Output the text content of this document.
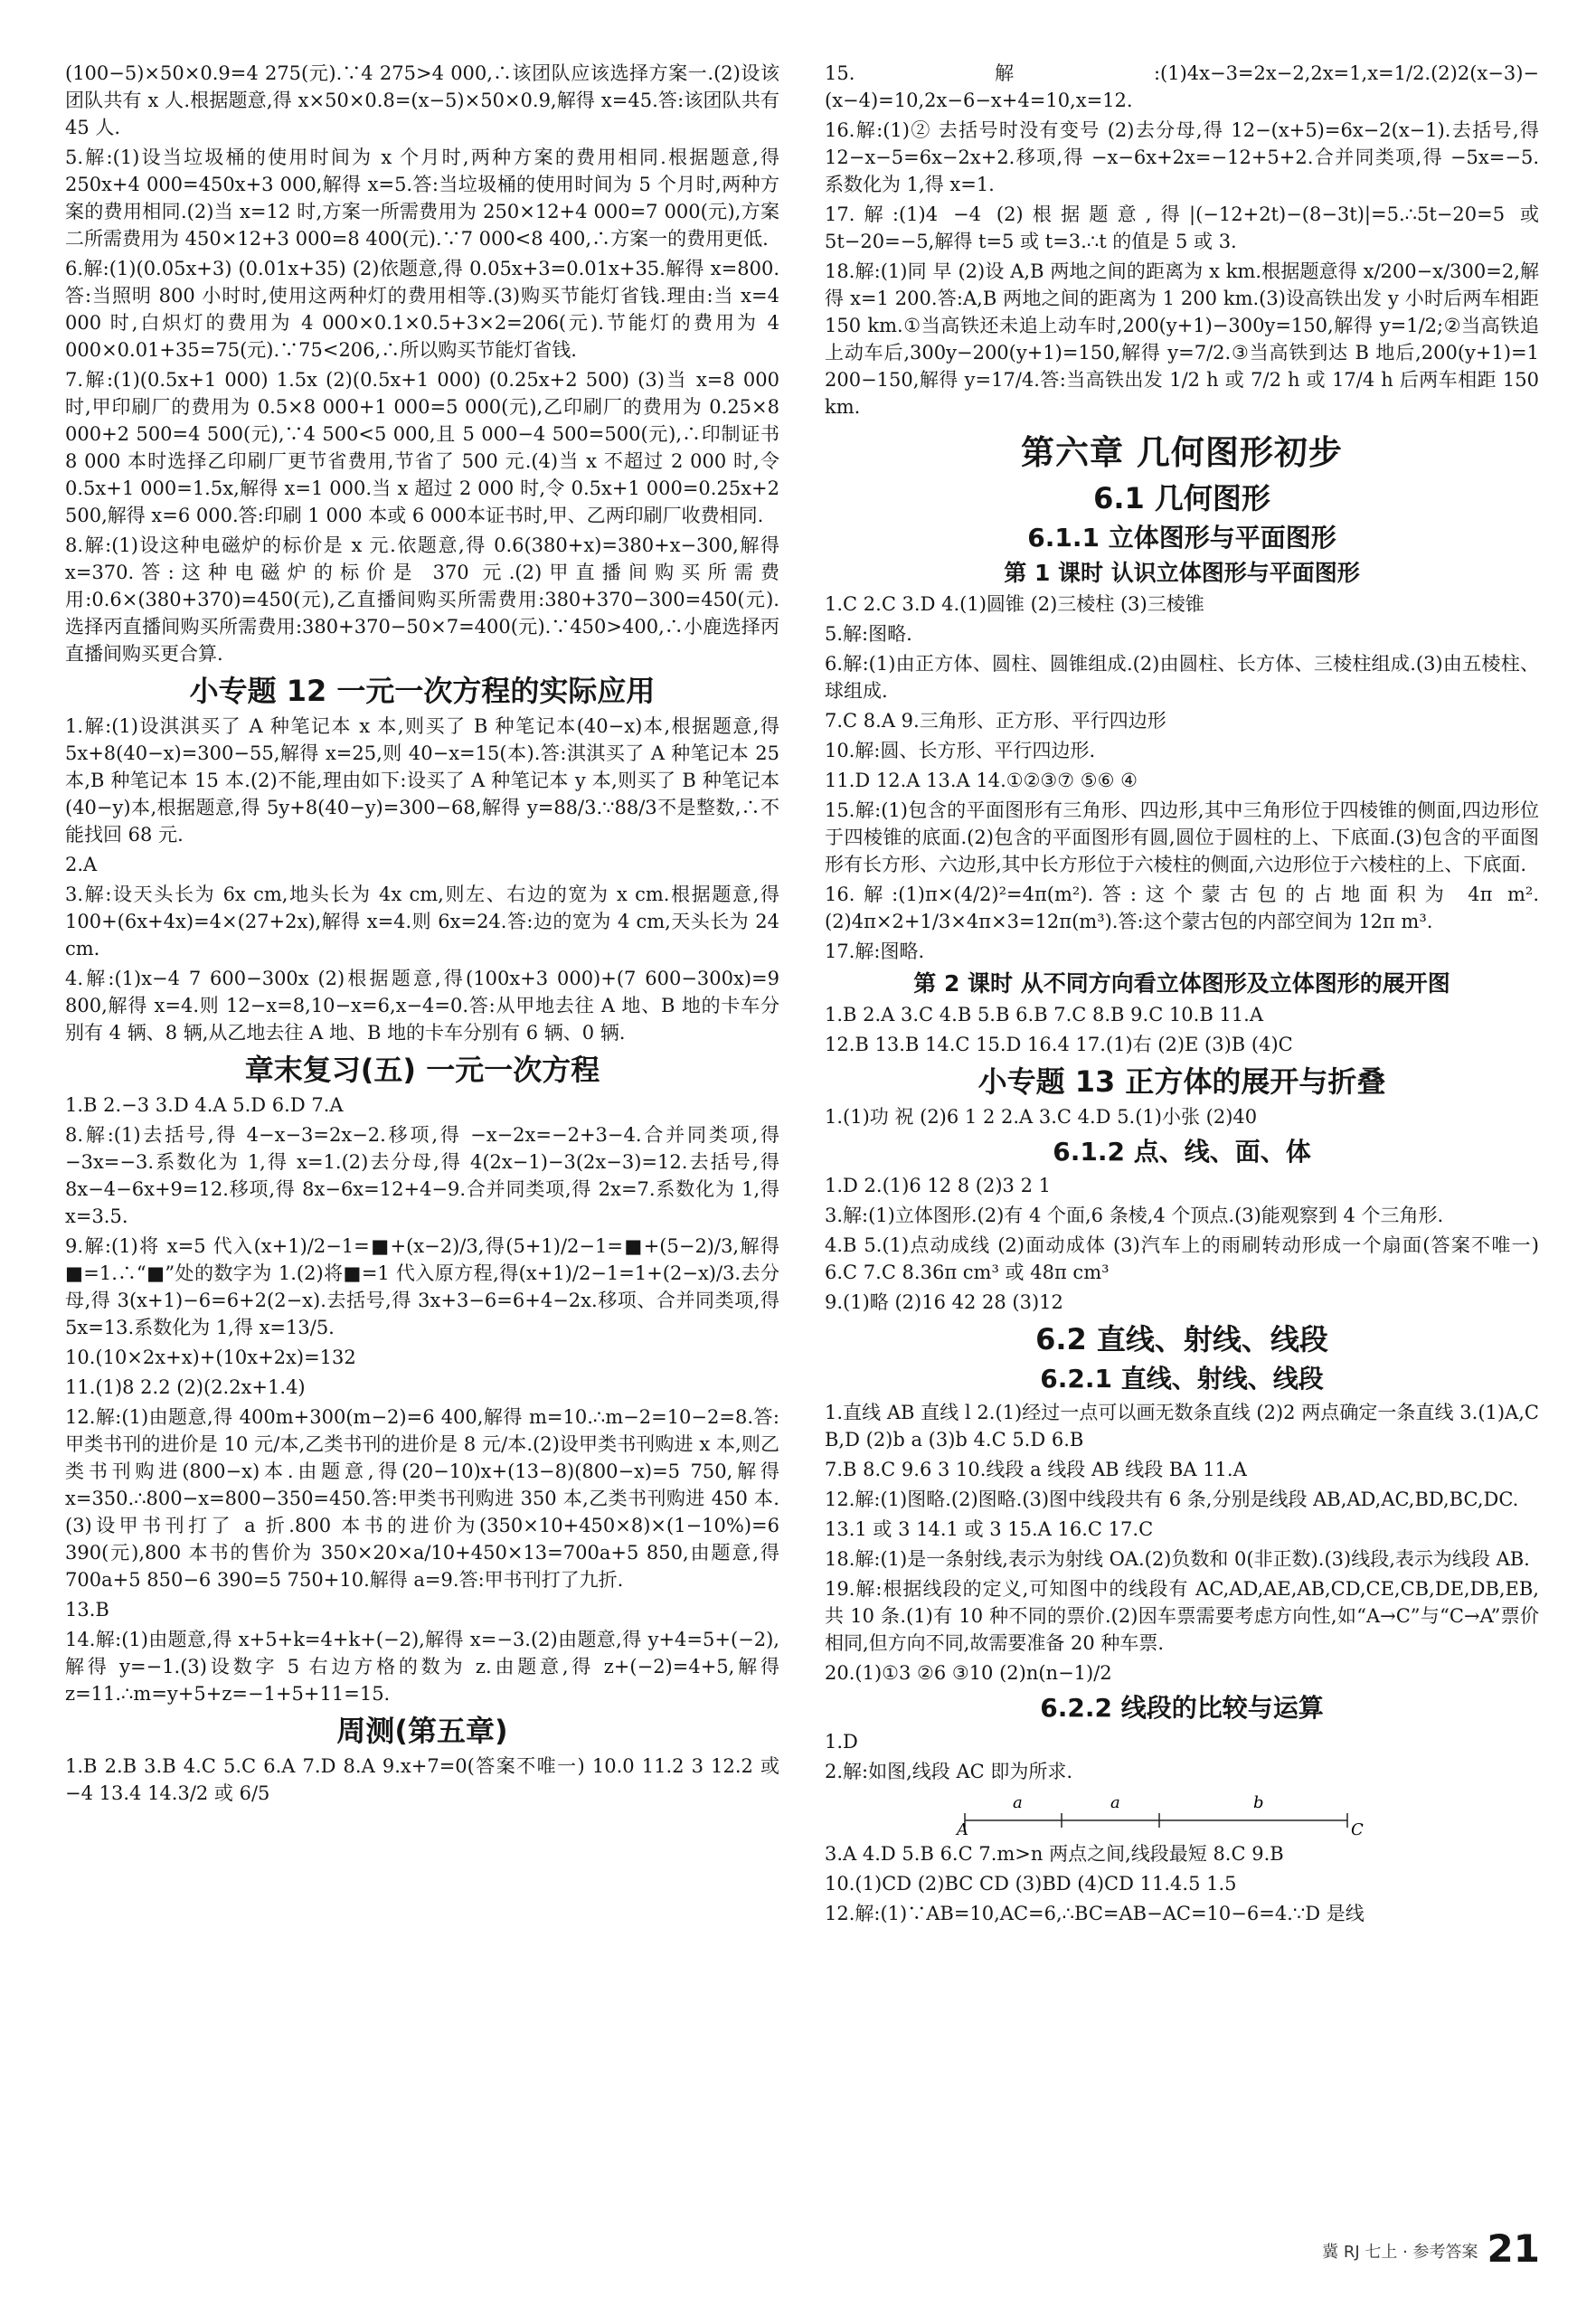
(100−5)×50×0.9=4 275(元).∵4 275>4 000,∴该团队应该选择方案一.(2)设该团队共有 x 人.根据题意,得 x×50×0.8=(x−5)×50×0.9,解得 x=45.答:该团队共有 45 人.
5.解:(1)设当垃圾桶的使用时间为 x 个月时,两种方案的费用相同.根据题意,得 250x+4 000=450x+3 000,解得 x=5.答:当垃圾桶的使用时间为 5 个月时,两种方案的费用相同.(2)当 x=12 时,方案一所需费用为 250×12+4 000=7 000(元),方案二所需费用为 450×12+3 000=8 400(元).∵7 000<8 400,∴方案一的费用更低.
6.解:(1)(0.05x+3) (0.01x+35) (2)依题意,得 0.05x+3=0.01x+35.解得 x=800.答:当照明 800 小时时,使用这两种灯的费用相等.(3)购买节能灯省钱.理由:当 x=4 000 时,白炽灯的费用为 4 000×0.1×0.5+3×2=206(元).节能灯的费用为 4 000×0.01+35=75(元).∵75<206,∴所以购买节能灯省钱.
7.解:(1)(0.5x+1 000) 1.5x (2)(0.5x+1 000) (0.25x+2 500) (3)当 x=8 000 时,甲印刷厂的费用为 0.5×8 000+1 000=5 000(元),乙印刷厂的费用为 0.25×8 000+2 500=4 500(元),∵4 500<5 000,且 5 000−4 500=500(元),∴印制证书 8 000 本时选择乙印刷厂更节省费用,节省了 500 元.(4)当 x 不超过 2 000 时,令 0.5x+1 000=1.5x,解得 x=1 000.当 x 超过 2 000 时,令 0.5x+1 000=0.25x+2 500,解得 x=6 000.答:印刷 1 000 本或 6 000本证书时,甲、乙两印刷厂收费相同.
8.解:(1)设这种电磁炉的标价是 x 元.依题意,得 0.6(380+x)=380+x−300,解得 x=370.答:这种电磁炉的标价是 370 元.(2)甲直播间购买所需费用:0.6×(380+370)=450(元),乙直播间购买所需费用:380+370−300=450(元).选择丙直播间购买所需费用:380+370−50×7=400(元).∵450>400,∴小鹿选择丙直播间购买更合算.
小专题 12 一元一次方程的实际应用
1.解:(1)设淇淇买了 A 种笔记本 x 本,则买了 B 种笔记本(40−x)本,根据题意,得 5x+8(40−x)=300−55,解得 x=25,则 40−x=15(本).答:淇淇买了 A 种笔记本 25 本,B 种笔记本 15 本.(2)不能,理由如下:设买了 A 种笔记本 y 本,则买了 B 种笔记本(40−y)本,根据题意,得 5y+8(40−y)=300−68,解得 y=88/3.∵88/3不是整数,∴不能找回 68 元.
2.A
3.解:设天头长为 6x cm,地头长为 4x cm,则左、右边的宽为 x cm.根据题意,得 100+(6x+4x)=4×(27+2x),解得 x=4.则 6x=24.答:边的宽为 4 cm,天头长为 24 cm.
4.解:(1)x−4 7 600−300x (2)根据题意,得(100x+3 000)+(7 600−300x)=9 800,解得 x=4.则 12−x=8,10−x=6,x−4=0.答:从甲地去往 A 地、B 地的卡车分别有 4 辆、8 辆,从乙地去往 A 地、B 地的卡车分别有 6 辆、0 辆.
章末复习(五) 一元一次方程
1.B 2.−3 3.D 4.A 5.D 6.D 7.A
8.解:(1)去括号,得 4−x−3=2x−2.移项,得 −x−2x=−2+3−4.合并同类项,得 −3x=−3.系数化为 1,得 x=1.(2)去分母,得 4(2x−1)−3(2x−3)=12.去括号,得 8x−4−6x+9=12.移项,得 8x−6x=12+4−9.合并同类项,得 2x=7.系数化为 1,得 x=3.5.
9.解:(1)将 x=5 代入(x+1)/2−1=■+(x−2)/3,得(5+1)/2−1=■+(5−2)/3,解得■=1.∴“■”处的数字为 1.(2)将■=1 代入原方程,得(x+1)/2−1=1+(2−x)/3.去分母,得 3(x+1)−6=6+2(2−x).去括号,得 3x+3−6=6+4−2x.移项、合并同类项,得 5x=13.系数化为 1,得 x=13/5.
10.(10×2x+x)+(10x+2x)=132
11.(1)8 2.2 (2)(2.2x+1.4)
12.解:(1)由题意,得 400m+300(m−2)=6 400,解得 m=10.∴m−2=10−2=8.答:甲类书刊的进价是 10 元/本,乙类书刊的进价是 8 元/本.(2)设甲类书刊购进 x 本,则乙类书刊购进(800−x)本.由题意,得(20−10)x+(13−8)(800−x)=5 750,解得 x=350.∴800−x=800−350=450.答:甲类书刊购进 350 本,乙类书刊购进 450 本.(3)设甲书刊打了 a 折.800 本书的进价为(350×10+450×8)×(1−10%)=6 390(元),800 本书的售价为 350×20×a/10+450×13=700a+5 850,由题意,得 700a+5 850−6 390=5 750+10.解得 a=9.答:甲书刊打了九折.
13.B
14.解:(1)由题意,得 x+5+k=4+k+(−2),解得 x=−3.(2)由题意,得 y+4=5+(−2),解得 y=−1.(3)设数字 5 右边方格的数为 z.由题意,得 z+(−2)=4+5,解得 z=11.∴m=y+5+z=−1+5+11=15.
周测(第五章)
1.B 2.B 3.B 4.C 5.C 6.A 7.D 8.A 9.x+7=0(答案不唯一) 10.0 11.2 3 12.2 或 −4 13.4 14.3/2 或 6/5
15.解:(1)4x−3=2x−2,2x=1,x=1/2.(2)2(x−3)−(x−4)=10,2x−6−x+4=10,x=12.
16.解:(1)② 去括号时没有变号 (2)去分母,得 12−(x+5)=6x−2(x−1).去括号,得 12−x−5=6x−2x+2.移项,得 −x−6x+2x=−12+5+2.合并同类项,得 −5x=−5.系数化为 1,得 x=1.
17.解:(1)4 −4 (2)根据题意,得|(−12+2t)−(8−3t)|=5.∴5t−20=5 或 5t−20=−5,解得 t=5 或 t=3.∴t 的值是 5 或 3.
18.解:(1)同 早 (2)设 A,B 两地之间的距离为 x km.根据题意得 x/200−x/300=2,解得 x=1 200.答:A,B 两地之间的距离为 1 200 km.(3)设高铁出发 y 小时后两车相距 150 km.①当高铁还未追上动车时,200(y+1)−300y=150,解得 y=1/2;②当高铁追上动车后,300y−200(y+1)=150,解得 y=7/2.③当高铁到达 B 地后,200(y+1)=1 200−150,解得 y=17/4.答:当高铁出发 1/2 h 或 7/2 h 或 17/4 h 后两车相距 150 km.
第六章 几何图形初步
6.1 几何图形
6.1.1 立体图形与平面图形
第 1 课时 认识立体图形与平面图形
1.C 2.C 3.D 4.(1)圆锥 (2)三棱柱 (3)三棱锥
5.解:图略.
6.解:(1)由正方体、圆柱、圆锥组成.(2)由圆柱、长方体、三棱柱组成.(3)由五棱柱、球组成.
7.C 8.A 9.三角形、正方形、平行四边形
10.解:圆、长方形、平行四边形.
11.D 12.A 13.A 14.①②③⑦ ⑤⑥ ④
15.解:(1)包含的平面图形有三角形、四边形,其中三角形位于四棱锥的侧面,四边形位于四棱锥的底面.(2)包含的平面图形有圆,圆位于圆柱的上、下底面.(3)包含的平面图形有长方形、六边形,其中长方形位于六棱柱的侧面,六边形位于六棱柱的上、下底面.
16.解:(1)π×(4/2)²=4π(m²).答:这个蒙古包的占地面积为 4π m².(2)4π×2+1/3×4π×3=12π(m³).答:这个蒙古包的内部空间为 12π m³.
17.解:图略.
第 2 课时 从不同方向看立体图形及立体图形的展开图
1.B 2.A 3.C 4.B 5.B 6.B 7.C 8.B 9.C 10.B 11.A
12.B 13.B 14.C 15.D 16.4 17.(1)右 (2)E (3)B (4)C
小专题 13 正方体的展开与折叠
1.(1)功 祝 (2)6 1 2 2.A 3.C 4.D 5.(1)小张 (2)40
6.1.2 点、线、面、体
1.D 2.(1)6 12 8 (2)3 2 1
3.解:(1)立体图形.(2)有 4 个面,6 条棱,4 个顶点.(3)能观察到 4 个三角形.
4.B 5.(1)点动成线 (2)面动成体 (3)汽车上的雨刷转动形成一个扇面(答案不唯一) 6.C 7.C 8.36π cm³ 或 48π cm³
9.(1)略 (2)16 42 28 (3)12
6.2 直线、射线、线段
6.2.1 直线、射线、线段
1.直线 AB 直线 l 2.(1)经过一点可以画无数条直线 (2)2 两点确定一条直线 3.(1)A,C B,D (2)b a (3)b 4.C 5.D 6.B
7.B 8.C 9.6 3 10.线段 a 线段 AB 线段 BA 11.A
12.解:(1)图略.(2)图略.(3)图中线段共有 6 条,分别是线段 AB,AD,AC,BD,BC,DC.
13.1 或 3 14.1 或 3 15.A 16.C 17.C
18.解:(1)是一条射线,表示为射线 OA.(2)负数和 0(非正数).(3)线段,表示为线段 AB.
19.解:根据线段的定义,可知图中的线段有 AC,AD,AE,AB,CD,CE,CB,DE,DB,EB,共 10 条.(1)有 10 种不同的票价.(2)因车票需要考虑方向性,如“A→C”与“C→A”票价相同,但方向不同,故需要准备 20 种车票.
20.(1)①3 ②6 ③10 (2)n(n−1)/2
6.2.2 线段的比较与运算
1.D
2.解:如图,线段 AC 即为所求.
a	a	b
A	C
3.A 4.D 5.B 6.C 7.m>n 两点之间,线段最短 8.C 9.B
10.(1)CD (2)BC CD (3)BD (4)CD 11.4.5 1.5
12.解:(1)∵AB=10,AC=6,∴BC=AB−AC=10−6=4.∵D 是线
冀 RJ 七上 · 参考答案 21
